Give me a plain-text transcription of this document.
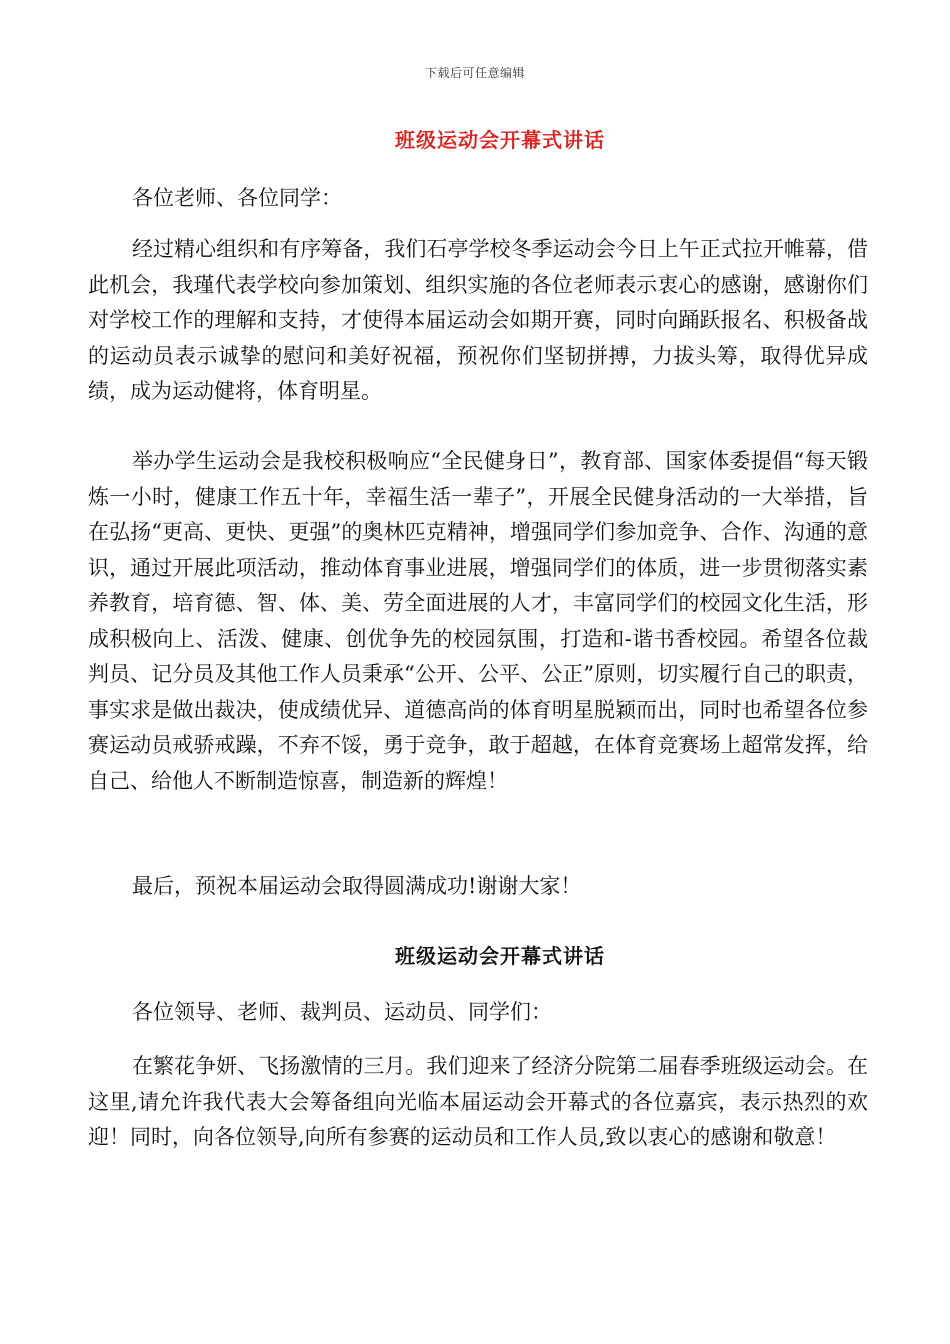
下载后可任意编辑
班级运动会开幕式讲话

各位老师、各位同学：

经过精心组织和有序筹备，我们石亭学校冬季运动会今日上午正式拉开帷幕，借此机会，我瑾代表学校向参加策划、组织实施的各位老师表示衷心的感谢，感谢你们对学校工作的理解和支持，才使得本届运动会如期开赛，同时向踊跃报名、积极备战的运动员表示诚挚的慰问和美好祝福，预祝你们坚韧拼搏，力拔头筹，取得优异成绩，成为运动健将，体育明星。

举办学生运动会是我校积极响应“全民健身日”，教育部、国家体委提倡“每天锻炼一小时，健康工作五十年，幸福生活一辈子”，开展全民健身活动的一大举措，旨在弘扬“更高、更快、更强”的奥林匹克精神，增强同学们参加竞争、合作、沟通的意识，通过开展此项活动，推动体育事业进展，增强同学们的体质，进一步贯彻落实素养教育，培育德、智、体、美、劳全面进展的人才，丰富同学们的校园文化生活，形成积极向上、活泼、健康、创优争先的校园氛围，打造和-谐书香校园。希望各位裁判员、记分员及其他工作人员秉承“公开、公平、公正”原则，切实履行自己的职责，事实求是做出裁决，使成绩优异、道德高尚的体育明星脱颖而出，同时也希望各位参赛运动员戒骄戒躁，不弃不馁，勇于竞争，敢于超越，在体育竞赛场上超常发挥，给自己、给他人不断制造惊喜，制造新的辉煌！

最后，预祝本届运动会取得圆满成功!谢谢大家！

班级运动会开幕式讲话

各位领导、老师、裁判员、运动员、同学们：

在繁花争妍、飞扬激情的三月。我们迎来了经济分院第二届春季班级运动会。在这里,请允许我代表大会筹备组向光临本届运动会开幕式的各位嘉宾，表示热烈的欢迎！同时，向各位领导,向所有参赛的运动员和工作人员,致以衷心的感谢和敬意！
